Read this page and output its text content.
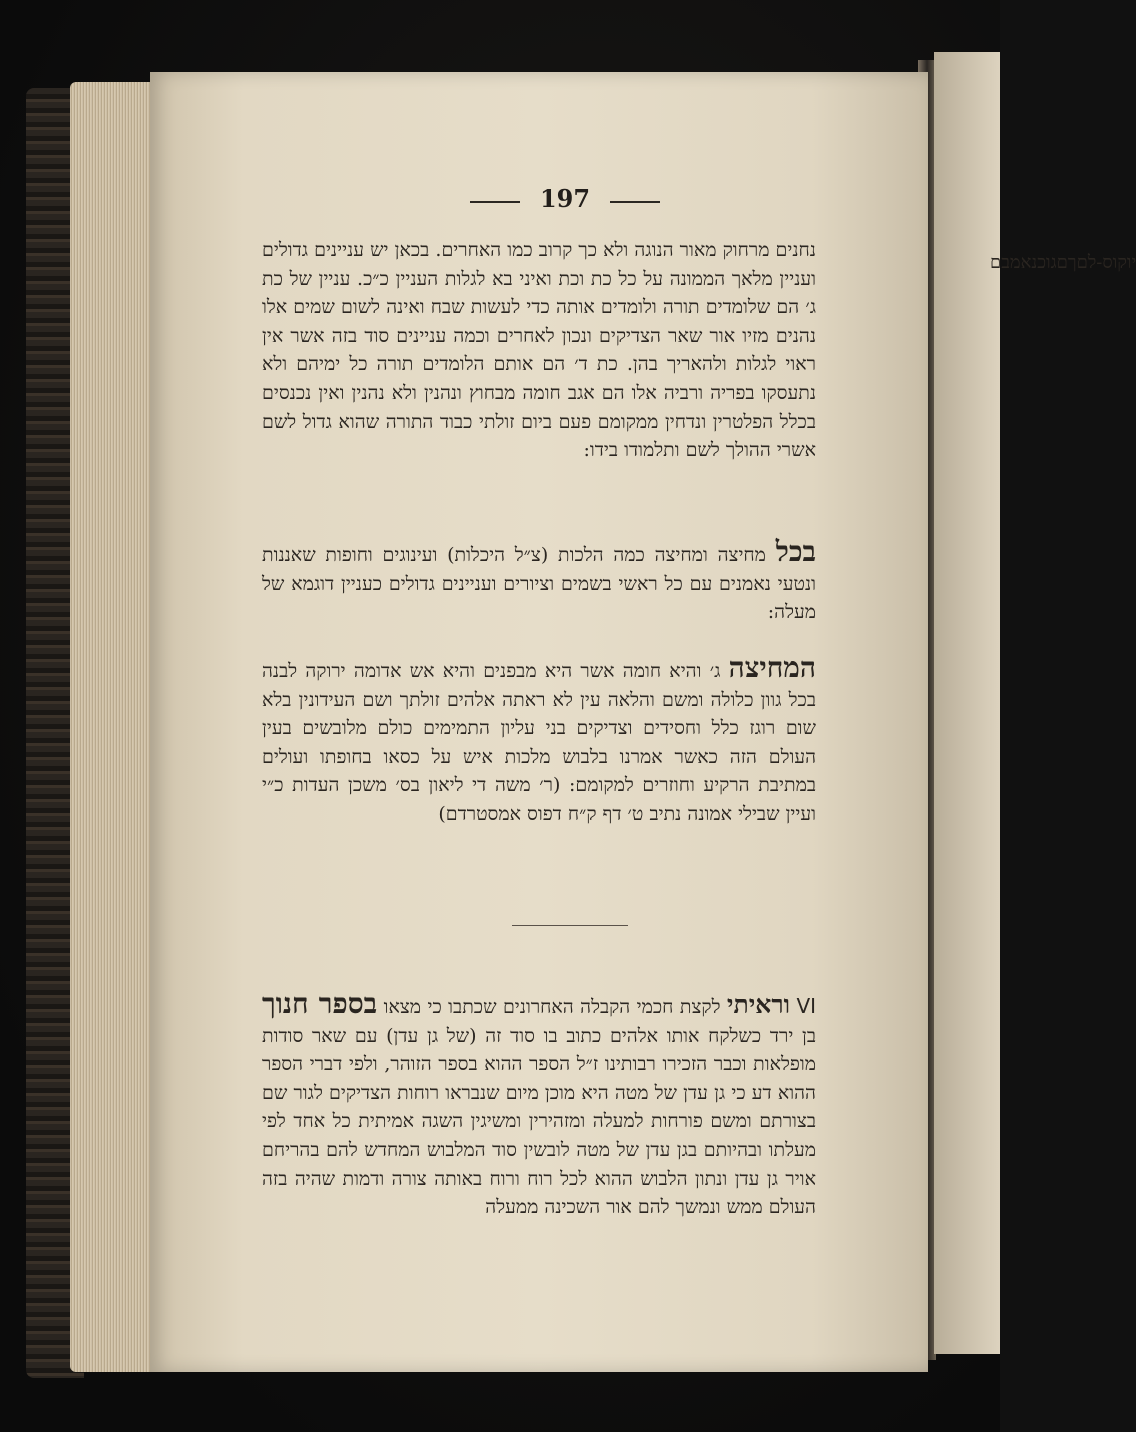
יוקוס-לםךםגוכנאמבם
197
נחנים מרחוק מאור הנוגה ולא כך קרוב כמו האחרים. בכאן יש עניינים גדולים ועניין מלאך הממונה על כל כת וכת ואיני בא לגלות העניין כ״כ. עניין של כת ג׳ הם שלומדים תורה ולומדים אותה כדי לעשות שבח ואינה לשום שמים אלו נהנים מזיו אור שאר הצדיקים ונכון לאחרים וכמה עניינים סוד בזה אשר אין ראוי לגלות ולהאריך בהן. כת ד׳ הם אותם הלומדים תורה כל ימיהם ולא נתעסקו בפריה ורביה אלו הם אגב חומה מבחוץ ונהנין ולא נהנין ואין נכנסים בכלל הפלטרין ונדחין ממקומם פעם ביום זולתי כבוד התורה שהוא גדול לשם אשרי ההולך לשם ותלמודו בידו:
בכל מחיצה ומחיצה כמה הלכות (צ״ל היכלות) ועינוגים וחופות שאננות ונטעי נאמנים עם כל ראשי בשמים וציורים ועניינים גדולים כעניין דוגמא של מעלה:
המחיצה ג׳ והיא חומה אשר היא מבפנים והיא אש אדומה ירוקה לבנה בכל גוון כלולה ומשם והלאה עין לא ראתה אלהים זולתך ושם העידונין בלא שום רוגז כלל וחסידים וצדיקים בני עליון התמימים כולם מלובשים בעין העולם הזה כאשר אמרנו בלבוש מלכות איש על כסאו בחופתו ועולים במתיבת הרקיע וחוזרים למקומם: (ר׳ משה די ליאון בס׳ משכן העדות כ״י ועיין שבילי אמונה נתיב ט׳ דף ק״ח דפוס אמסטרדם)
VI וראיתי לקצת חכמי הקבלה האחרונים שכתבו כי מצאו בספר חנוך בן ירד כשלקח אותו אלהים כתוב בו סוד זה (של גן עדן) עם שאר סודות מופלאות וכבר הזכירו רבותינו ז״ל הספר ההוא בספר הזוהר, ולפי דברי הספר ההוא דע כי גן עדן של מטה היא מוכן מיום שנבראו רוחות הצדיקים לגור שם בצורתם ומשם פורחות למעלה ומזהירין ומשיגין השגה אמיתית כל אחד לפי מעלתו ובהיותם בגן עדן של מטה לובשין סוד המלבוש המחדש להם בהריחם אויר גן עדן ונתון הלבוש ההוא לכל רוח ורוח באותה צורה ודמות שהיה בזה העולם ממש ונמשך להם אור השכינה ממעלה
